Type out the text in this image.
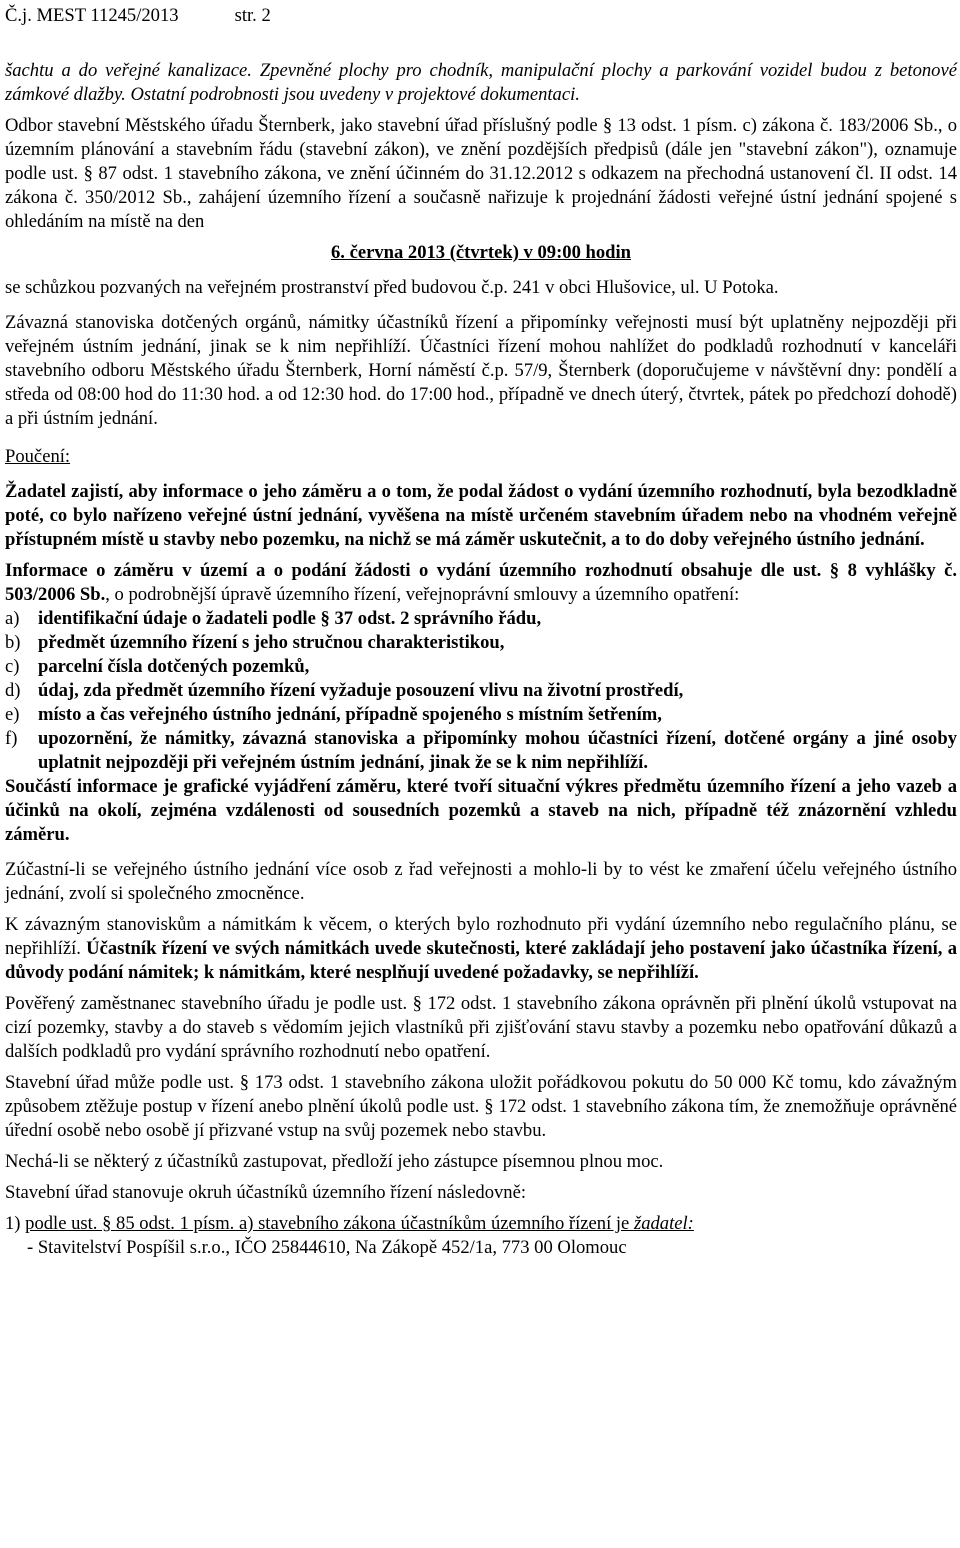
Č.j. MEST 11245/2013	str. 2

šachtu a do veřejné kanalizace. Zpevněné plochy pro chodník, manipulační plochy a parkování vozidel budou z betonové zámkové dlažby. Ostatní podrobnosti jsou uvedeny v projektové dokumentaci.

Odbor stavební Městského úřadu Šternberk, jako stavební úřad příslušný podle § 13 odst. 1 písm. c) zákona č. 183/2006 Sb., o územním plánování a stavebním řádu (stavební zákon), ve znění pozdějších předpisů (dále jen "stavební zákon"), oznamuje podle ust. § 87 odst. 1 stavebního zákona, ve znění účinném do 31.12.2012 s odkazem na přechodná ustanovení čl. II odst. 14 zákona č. 350/2012 Sb., zahájení územního řízení a současně nařizuje k projednání žádosti veřejné ústní jednání spojené s ohledáním na místě na den

6. června 2013 (čtvrtek) v 09:00 hodin

se schůzkou pozvaných na veřejném prostranství před budovou č.p. 241 v obci Hlušovice, ul. U Potoka.

Závazná stanoviska dotčených orgánů, námitky účastníků řízení a připomínky veřejnosti musí být uplatněny nejpozději při veřejném ústním jednání, jinak se k nim nepřihlíží. Účastníci řízení mohou nahlížet do podkladů rozhodnutí v kanceláři stavebního odboru Městského úřadu Šternberk, Horní náměstí č.p. 57/9, Šternberk (doporučujeme v návštěvní dny: pondělí a středa od 08:00 hod do 11:30 hod. a od 12:30 hod. do 17:00 hod., případně ve dnech úterý, čtvrtek, pátek po předchozí dohodě) a při ústním jednání.

Poučení:

Žadatel zajistí, aby informace o jeho záměru a o tom, že podal žádost o vydání územního rozhodnutí, byla bezodkladně poté, co bylo nařízeno veřejné ústní jednání, vyvěšena na místě určeném stavebním úřadem nebo na vhodném veřejně přístupném místě u stavby nebo pozemku, na nichž se má záměr uskutečnit, a to do doby veřejného ústního jednání.

Informace o záměru v území a o podání žádosti o vydání územního rozhodnutí obsahuje dle ust. § 8 vyhlášky č. 503/2006 Sb., o podrobnější úpravě územního řízení, veřejnoprávní smlouvy a územního opatření:

a) identifikační údaje o žadateli podle § 37 odst. 2 správního řádu,
b) předmět územního řízení s jeho stručnou charakteristikou,
c) parcelní čísla dotčených pozemků,
d) údaj, zda předmět územního řízení vyžaduje posouzení vlivu na životní prostředí,
e) místo a čas veřejného ústního jednání, případně spojeného s místním šetřením,
f)	upozornění, že námitky, závazná stanoviska a připomínky mohou účastníci řízení, dotčené orgány a jiné osoby uplatnit nejpozději při veřejném ústním jednání, jinak že se k nim nepřihlíží.

Součástí informace je grafické vyjádření záměru, které tvoří situační výkres předmětu územního řízení a jeho vazeb a účinků na okolí, zejména vzdálenosti od sousedních pozemků a staveb na nich, případně též znázornění vzhledu záměru.

Zúčastní-li se veřejného ústního jednání více osob z řad veřejnosti a mohlo-li by to vést ke zmaření účelu veřejného ústního jednání, zvolí si společného zmocněnce.

K závazným stanoviskům a námitkám k věcem, o kterých bylo rozhodnuto při vydání územního nebo regulačního plánu, se nepřihlíží. Účastník řízení ve svých námitkách uvede skutečnosti, které zakládají jeho postavení jako účastníka řízení, a důvody podání námitek; k námitkám, které nesplňují uvedené požadavky, se nepřihlíží.

Pověřený zaměstnanec stavebního úřadu je podle ust. § 172 odst. 1 stavebního zákona oprávněn při plnění úkolů vstupovat na cizí pozemky, stavby a do staveb s vědomím jejich vlastníků při zjišťování stavu stavby a pozemku nebo opatřování důkazů a dalších podkladů pro vydání správního rozhodnutí nebo opatření.

Stavební úřad může podle ust. § 173 odst. 1 stavebního zákona uložit pořádkovou pokutu do 50 000 Kč tomu, kdo závažným způsobem ztěžuje postup v řízení anebo plnění úkolů podle ust. § 172 odst. 1 stavebního zákona tím, že znemožňuje oprávněné úřední osobě nebo osobě jí přizvané vstup na svůj pozemek nebo stavbu.

Nechá-li se některý z účastníků zastupovat, předloží jeho zástupce písemnou plnou moc.

Stavební úřad stanovuje okruh účastníků územního řízení následovně:

1) podle ust. § 85 odst. 1 písm. a) stavebního zákona účastníkům územního řízení je žadatel:

- Stavitelství Pospíšil s.r.o., IČO 25844610, Na Zákopě 452/1a, 773 00 Olomouc
